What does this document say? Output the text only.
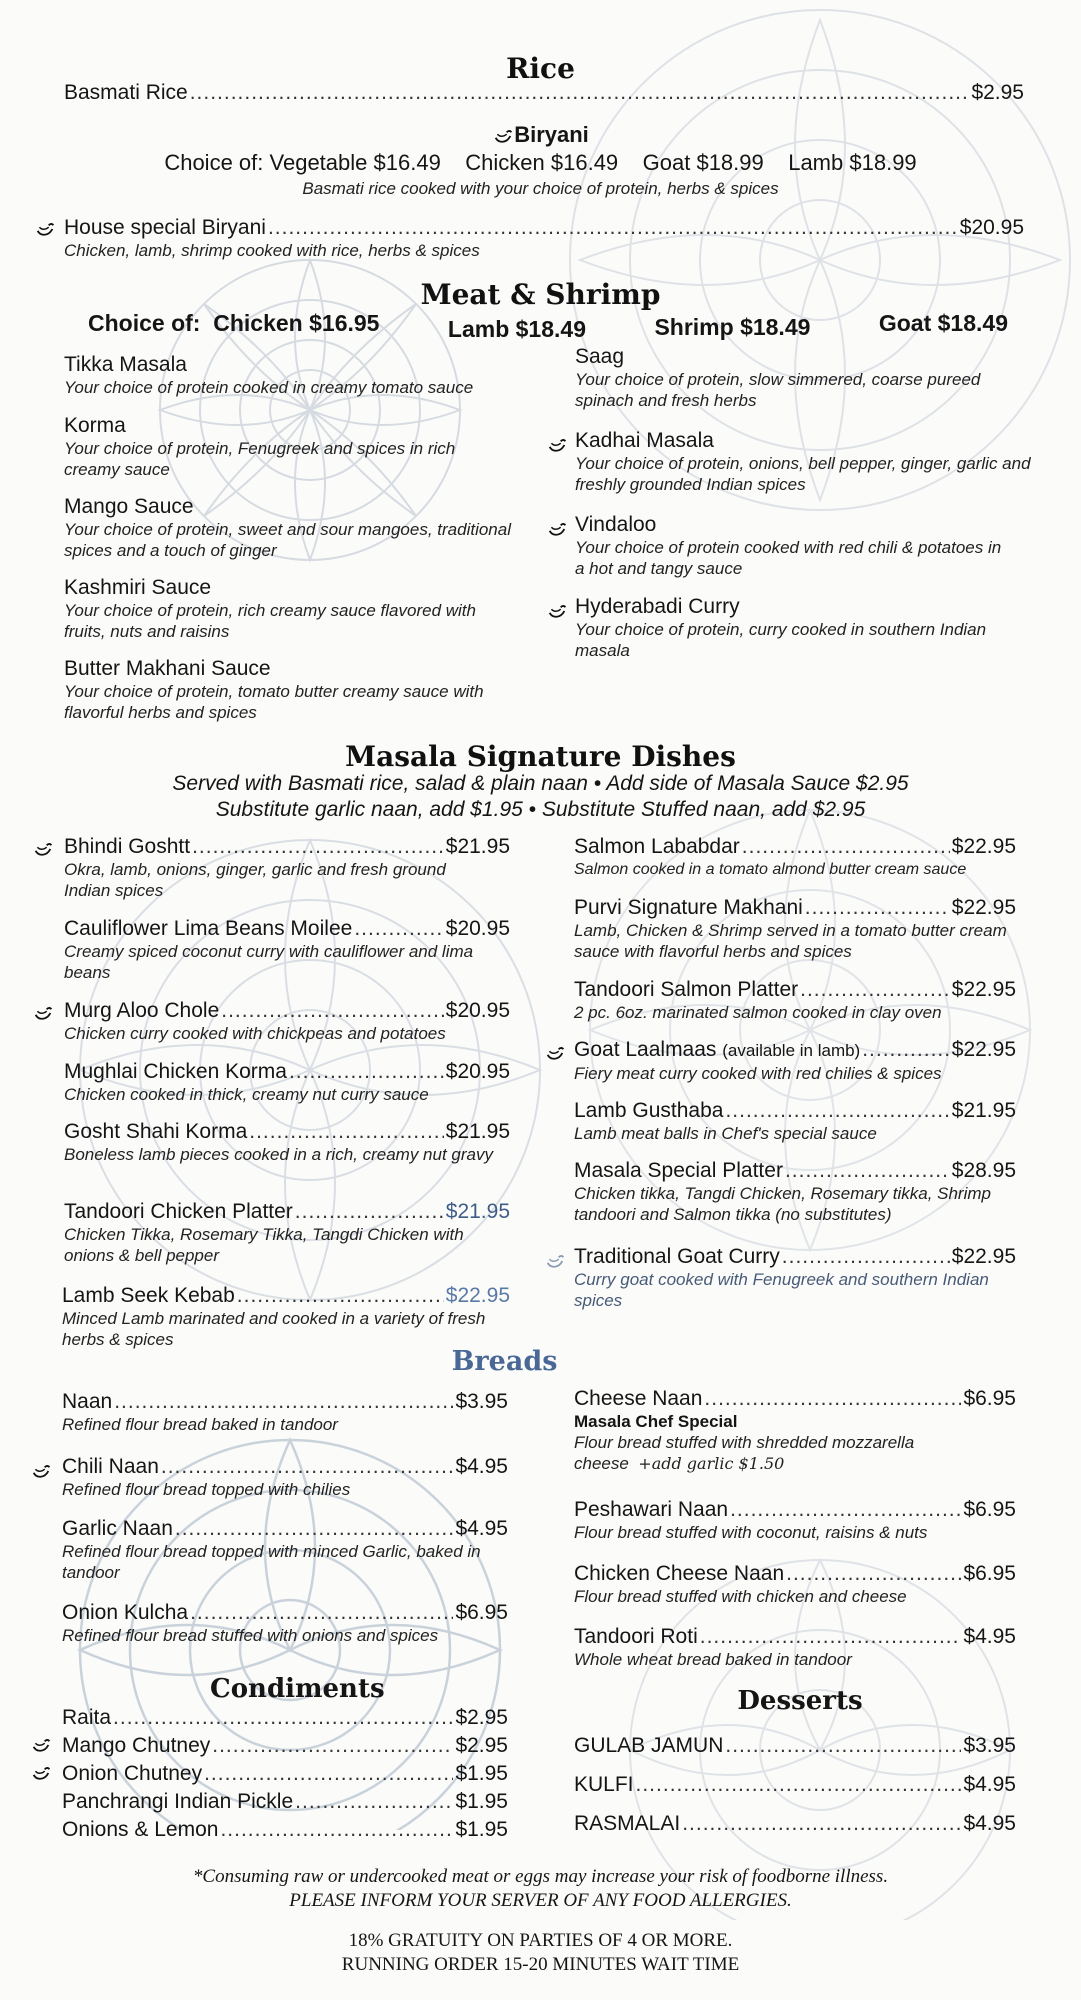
Rice
Basmati Rice .....	$2.95
Biryani
Choice of: Vegetable $16.49 Chicken $16.49 Goat $18.99 Lamb $18.99
Basmati rice cooked with your choice of protein, herbs & spices
House special Biryani .....	$20.95
Chicken, lamb, shrimp cooked with rice, herbs & spices
Meat & Shrimp
Choice of: Chicken $16.95	Lamb $18.49	Shrimp $18.49	Goat $18.49
Tikka Masala
Your choice of protein cooked in creamy tomato sauce
Korma
Your choice of protein, Fenugreek and spices in rich creamy sauce
Mango Sauce
Your choice of protein, sweet and sour mangoes, traditional spices and a touch of ginger
Kashmiri Sauce
Your choice of protein, rich creamy sauce flavored with fruits, nuts and raisins
Butter Makhani Sauce
Your choice of protein, tomato butter creamy sauce with flavorful herbs and spices
Saag
Your choice of protein, slow simmered, coarse pureed spinach and fresh herbs
Kadhai Masala
Your choice of protein, onions, bell pepper, ginger, garlic and freshly grounded Indian spices
Vindaloo
Your choice of protein cooked with red chili & potatoes in a hot and tangy sauce
Hyderabadi Curry
Your choice of protein, curry cooked in southern Indian masala
Masala Signature Dishes
Served with Basmati rice, salad & plain naan • Add side of Masala Sauce $2.95
Substitute garlic naan, add $1.95 • Substitute Stuffed naan, add $2.95
Bhindi Goshtt .....	$21.95
Okra, lamb, onions, ginger, garlic and fresh ground Indian spices
Cauliflower Lima Beans Moilee .....	$20.95
Creamy spiced coconut curry with cauliflower and lima beans
Murg Aloo Chole .....	$20.95
Chicken curry cooked with chickpeas and potatoes
Mughlai Chicken Korma .....	$20.95
Chicken cooked in thick, creamy nut curry sauce
Gosht Shahi Korma .....	$21.95
Boneless lamb pieces cooked in a rich, creamy nut gravy
Tandoori Chicken Platter .....	$21.95
Chicken Tikka, Rosemary Tikka, Tangdi Chicken with onions & bell pepper
Lamb Seek Kebab .....	$22.95
Minced Lamb marinated and cooked in a variety of fresh herbs & spices
Salmon Lababdar .....	$22.95
Salmon cooked in a tomato almond butter cream sauce
Purvi Signature Makhani .....	$22.95
Lamb, Chicken & Shrimp served in a tomato butter cream sauce with flavorful herbs and spices
Tandoori Salmon Platter .....	$22.95
2 pc. 6oz. marinated salmon cooked in clay oven
Goat Laalmaas
(available in lamb) .....	$22.95
Fiery meat curry cooked with red chilies & spices
Lamb Gusthaba .....	$21.95
Lamb meat balls in Chef's special sauce
Masala Special Platter .....	$28.95
Chicken tikka, Tangdi Chicken, Rosemary tikka, Shrimp tandoori and Salmon tikka (no substitutes)
Traditional Goat Curry .....	$22.95
Curry goat cooked with Fenugreek and southern Indian spices
Breads
Naan .....	$3.95
Refined flour bread baked in tandoor
Chili Naan .....	$4.95
Refined flour bread topped with chilies
Garlic Naan .....	$4.95
Refined flour bread topped with minced Garlic, baked in tandoor
Onion Kulcha .....	$6.95
Refined flour bread stuffed with onions and spices
Cheese Naan .....	$6.95
Masala Chef Special
Flour bread stuffed with shredded mozzarella cheese +add garlic $1.50
Peshawari Naan .....	$6.95
Flour bread stuffed with coconut, raisins & nuts
Chicken Cheese Naan .....	$6.95
Flour bread stuffed with chicken and cheese
Tandoori Roti .....	$4.95
Whole wheat bread baked in tandoor
Condiments
Raita .....	$2.95
Mango Chutney .....	$2.95
Onion Chutney .....	$1.95
Panchrangi Indian Pickle .....	$1.95
Onions & Lemon .....	$1.95
Desserts
GULAB JAMUN .....	$3.95
KULFI .....	$4.95
RASMALAI .....	$4.95
*Consuming raw or undercooked meat or eggs may increase your risk of foodborne illness.
PLEASE INFORM YOUR SERVER OF ANY FOOD ALLERGIES.
18% GRATUITY ON PARTIES OF 4 OR MORE.
RUNNING ORDER 15-20 MINUTES WAIT TIME
